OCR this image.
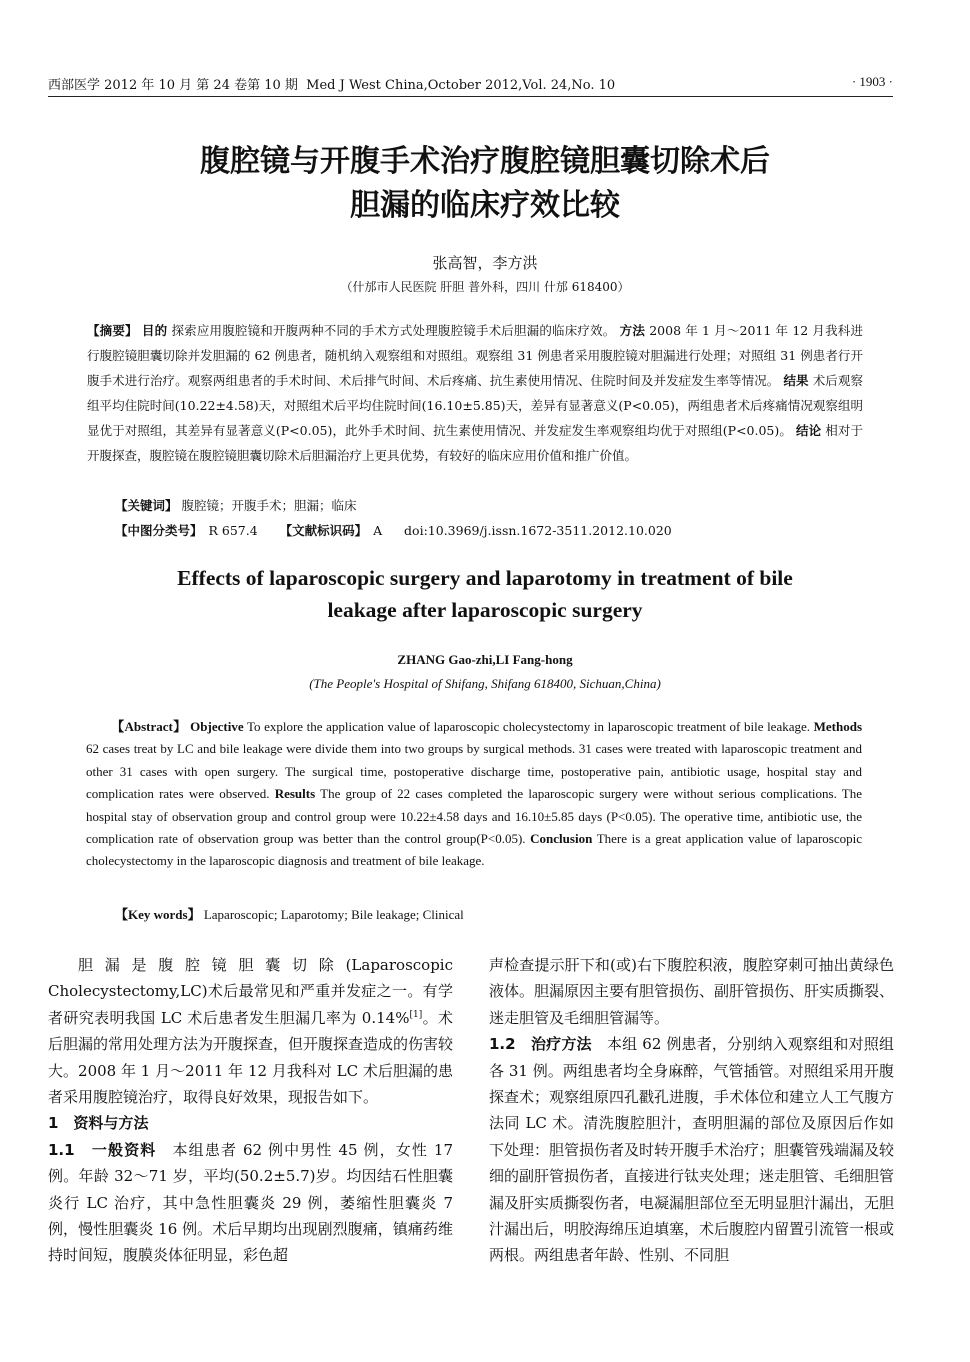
西部医学 2012 年 10 月 第 24 卷第 10 期 Med J West China,October 2012,Vol. 24,No. 10	· 1903 ·
腹腔镜与开腹手术治疗腹腔镜胆囊切除术后
胆漏的临床疗效比较
张高智，李方洪
（什邡市人民医院 肝胆 普外科，四川 什邡 618400）
【摘要】 目的 探索应用腹腔镜和开腹两种不同的手术方式处理腹腔镜手术后胆漏的临床疗效。 方法 2008 年 1 月～2011 年 12 月我科进行腹腔镜胆囊切除并发胆漏的 62 例患者，随机纳入观察组和对照组。观察组 31 例患者采用腹腔镜对胆漏进行处理；对照组 31 例患者行开腹手术进行治疗。观察两组患者的手术时间、术后排气时间、术后疼痛、抗生素使用情况、住院时间及并发症发生率等情况。 结果 术后观察组平均住院时间(10.22±4.58)天，对照组术后平均住院时间(16.10±5.85)天，差异有显著意义(P<0.05)，两组患者术后疼痛情况观察组明显优于对照组，其差异有显著意义(P<0.05)，此外手术时间、抗生素使用情况、并发症发生率观察组均优于对照组(P<0.05)。 结论 相对于开腹探查，腹腔镜在腹腔镜胆囊切除术后胆漏治疗上更具优势，有较好的临床应用价值和推广价值。
【关键词】 腹腔镜；开腹手术；胆漏；临床
【中图分类号】 R 657.4 【文献标识码】 A doi:10.3969/j.issn.1672-3511.2012.10.020
Effects of laparoscopic surgery and laparotomy in treatment of bile
leakage after laparoscopic surgery
ZHANG Gao-zhi,LI Fang-hong
(The People's Hospital of Shifang, Shifang 618400, Sichuan,China)
【Abstract】 Objective To explore the application value of laparoscopic cholecystectomy in laparoscopic treatment of bile leakage. Methods 62 cases treat by LC and bile leakage were divide them into two groups by surgical methods. 31 cases were treated with laparoscopic treatment and other 31 cases with open surgery. The surgical time, postoperative discharge time, postoperative pain, antibiotic usage, hospital stay and complication rates were observed. Results The group of 22 cases completed the laparoscopic surgery were without serious complications. The hospital stay of observation group and control group were 10.22±4.58 days and 16.10±5.85 days (P<0.05). The operative time, antibiotic use, the complication rate of observation group was better than the control group(P<0.05). Conclusion There is a great application value of laparoscopic cholecystectomy in the laparoscopic diagnosis and treatment of bile leakage.
【Key words】 Laparoscopic; Laparotomy; Bile leakage; Clinical

胆漏是腹腔镜胆囊切除(Laparoscopic Cholecystectomy,LC)术后最常见和严重并发症之一。有学者研究表明我国 LC 术后患者发生胆漏几率为 0.14%[1]。术后胆漏的常用处理方法为开腹探查，但开腹探查造成的伤害较大。2008 年 1 月～2011 年 12 月我科对 LC 术后胆漏的患者采用腹腔镜治疗，取得良好效果，现报告如下。

1　资料与方法

1.1　一般资料　 本组患者 62 例中男性 45 例，女性 17 例。年龄 32～71 岁，平均(50.2±5.7)岁。均因结石性胆囊炎行 LC 治疗，其中急性胆囊炎 29 例，萎缩性胆囊炎 7 例，慢性胆囊炎 16 例。术后早期均出现剧烈腹痛，镇痛药维持时间短，腹膜炎体征明显，彩色超

声检查提示肝下和(或)右下腹腔积液，腹腔穿刺可抽出黄绿色液体。胆漏原因主要有胆管损伤、副肝管损伤、肝实质撕裂、迷走胆管及毛细胆管漏等。

1.2　治疗方法　 本组 62 例患者，分别纳入观察组和对照组各 31 例。两组患者均全身麻醉，气管插管。对照组采用开腹探查术；观察组原四孔戳孔进腹，手术体位和建立人工气腹方法同 LC 术。清洗腹腔胆汁，查明胆漏的部位及原因后作如下处理：胆管损伤者及时转开腹手术治疗；胆囊管残端漏及较细的副肝管损伤者，直接进行钛夹处理；迷走胆管、毛细胆管漏及肝实质撕裂伤者，电凝漏胆部位至无明显胆汁漏出，无胆汁漏出后，明胶海绵压迫填塞，术后腹腔内留置引流管一根或两根。两组患者年龄、性别、不同胆
